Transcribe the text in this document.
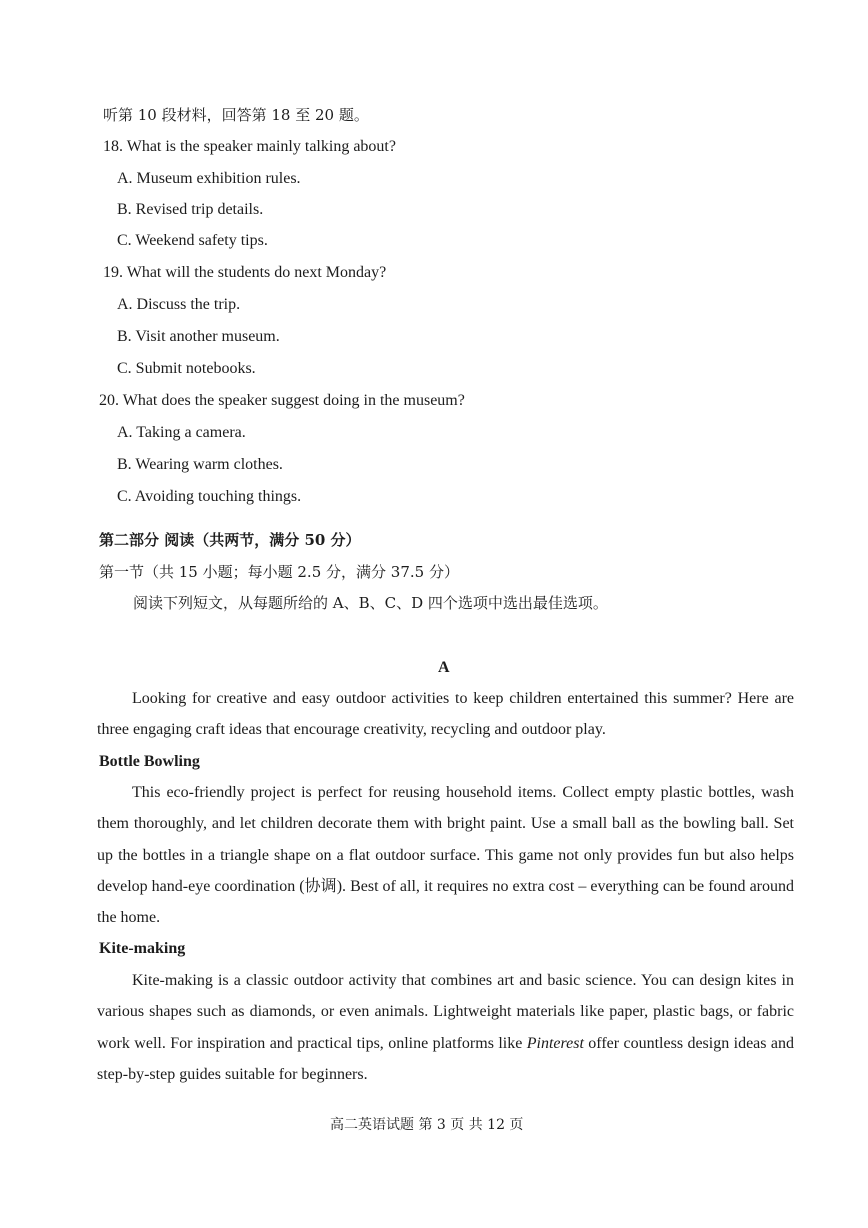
听第 10 段材料，回答第 18 至 20 题。
18. What is the speaker mainly talking about?
A. Museum exhibition rules.
B. Revised trip details.
C. Weekend safety tips.
19. What will the students do next Monday?
A. Discuss the trip.
B. Visit another museum.
C. Submit notebooks.
20. What does the speaker suggest doing in the museum?
A. Taking a camera.
B. Wearing warm clothes.
C. Avoiding touching things.
第二部分 阅读（共两节，满分 50 分）
第一节（共 15 小题；每小题 2.5 分，满分 37.5 分）
阅读下列短文，从每题所给的 A、B、C、D 四个选项中选出最佳选项。
A
Looking for creative and easy outdoor activities to keep children entertained this summer? Here are three engaging craft ideas that encourage creativity, recycling and outdoor play.
Bottle Bowling
This eco-friendly project is perfect for reusing household items. Collect empty plastic bottles, wash them thoroughly, and let children decorate them with bright paint. Use a small ball as the bowling ball. Set up the bottles in a triangle shape on a flat outdoor surface. This game not only provides fun but also helps develop hand-eye coordination (协调). Best of all, it requires no extra cost – everything can be found around the home.
Kite-making
Kite-making is a classic outdoor activity that combines art and basic science. You can design kites in various shapes such as diamonds, or even animals. Lightweight materials like paper, plastic bags, or fabric work well. For inspiration and practical tips, online platforms like Pinterest offer countless design ideas and step-by-step guides suitable for beginners.
高二英语试题 第 3 页 共 12 页
